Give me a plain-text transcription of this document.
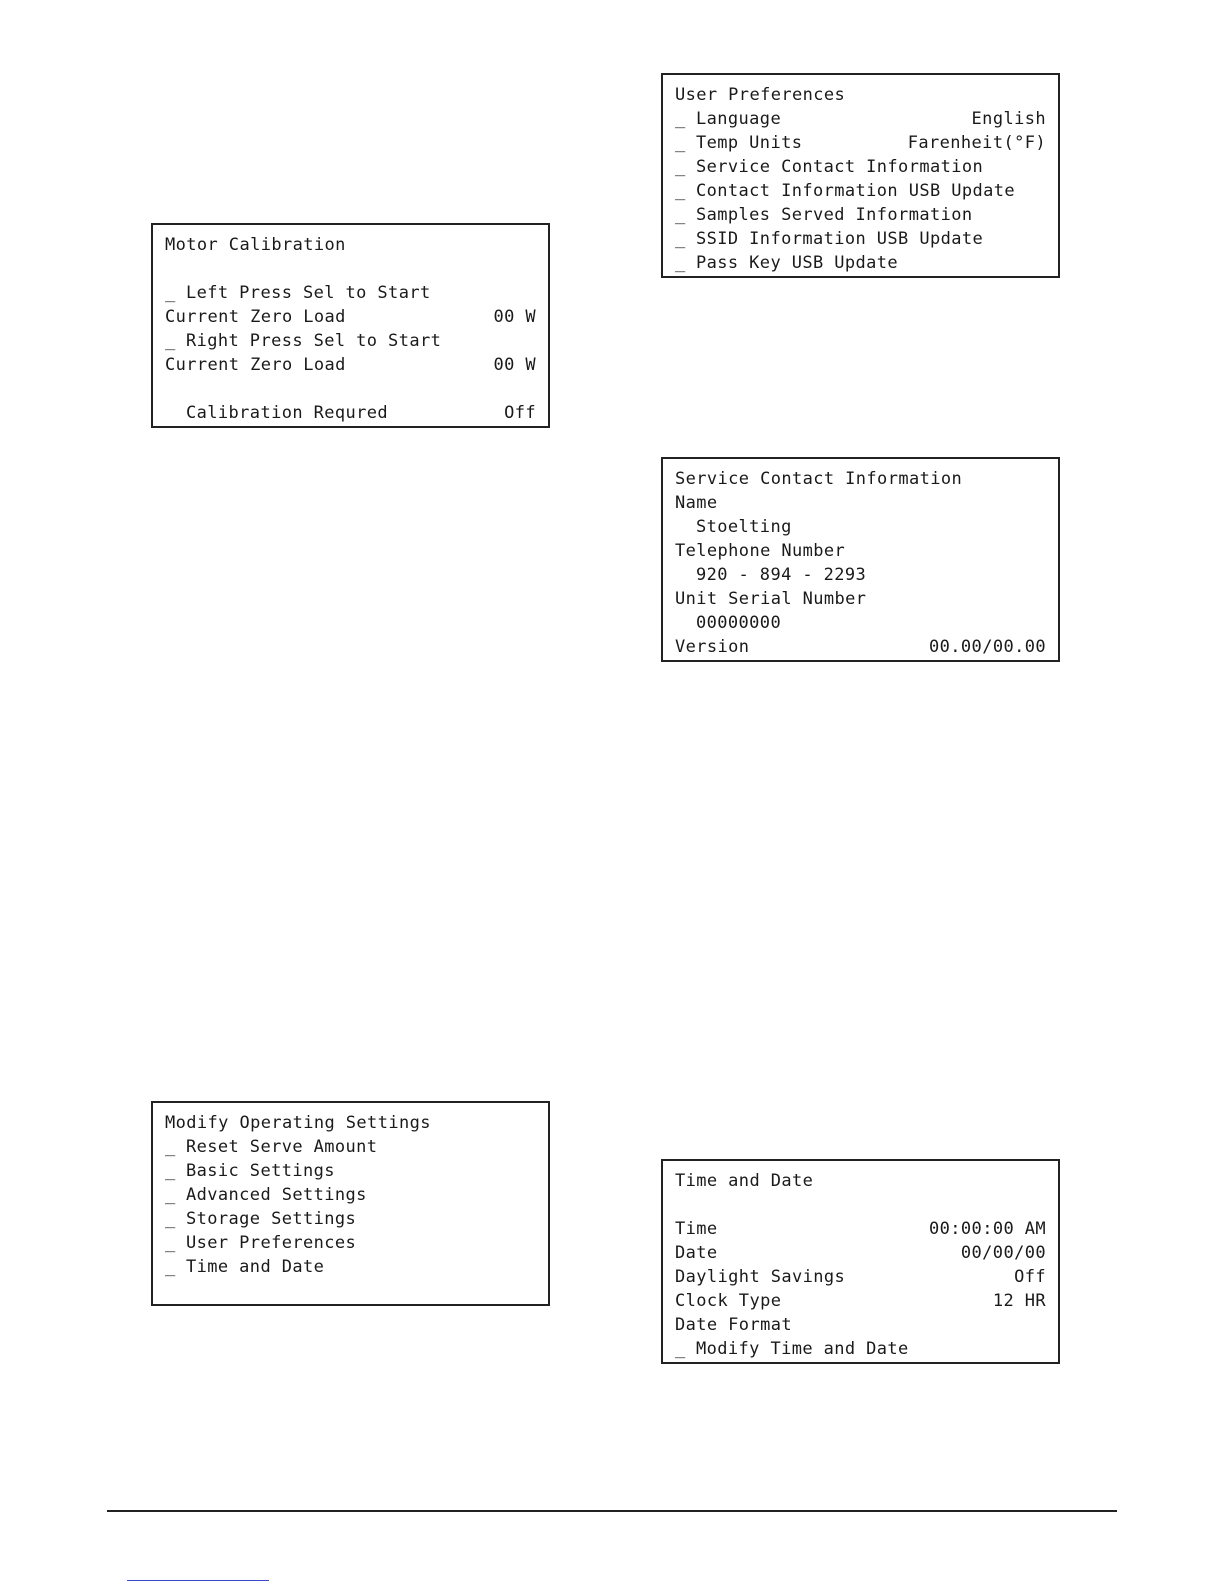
Motor Calibration
_ Left Press Sel to Start
Current Zero Load	00 W
_ Right Press Sel to Start
Current Zero Load	00 W
Calibration Requred	Off
User Preferences
_ Language	English
_ Temp Units	Farenheit(°F)
_ Service Contact Information
_ Contact Information USB Update
_ Samples Served Information
_ SSID Information USB Update
_ Pass Key USB Update
Service Contact Information
Name
Stoelting
Telephone Number
920 - 894 - 2293
Unit Serial Number
00000000
Version	00.00/00.00
Modify Operating Settings
_ Reset Serve Amount
_ Basic Settings
_ Advanced Settings
_ Storage Settings
_ User Preferences
_ Time and Date
Time and Date
Time	00:00:00 AM
Date	00/00/00
Daylight Savings	Off
Clock Type	12 HR
Date Format
_ Modify Time and Date
